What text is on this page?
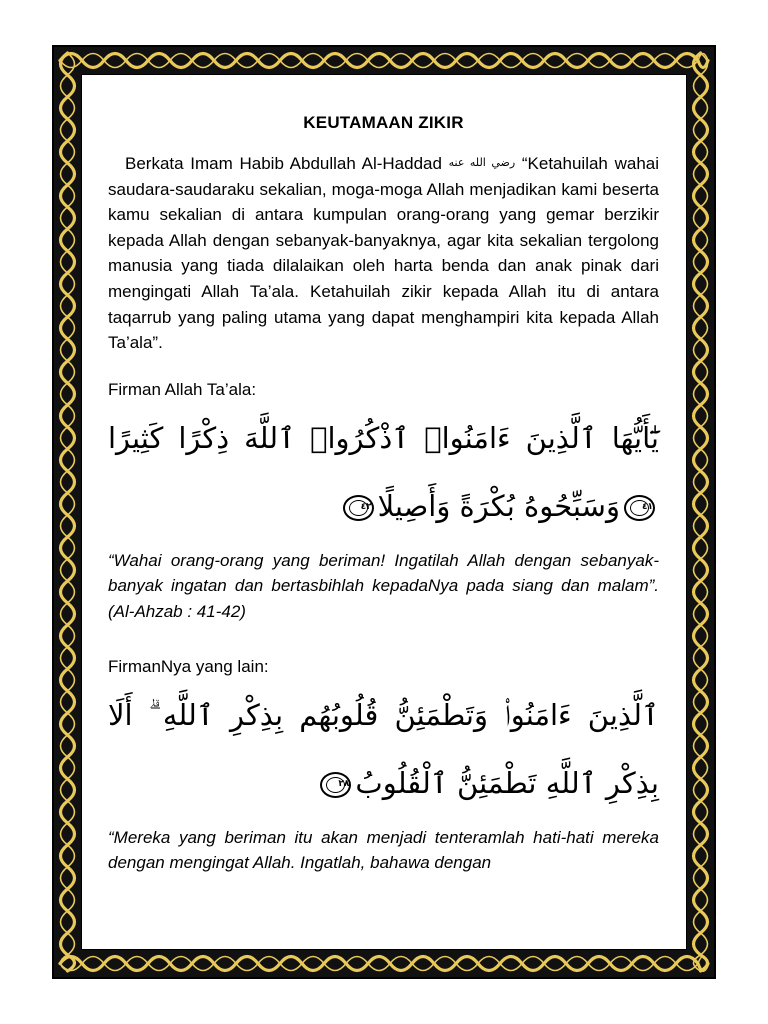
KEUTAMAAN ZIKIR

Berkata Imam Habib Abdullah Al-Haddad رضي الله عنه “Ketahuilah wahai saudara-saudaraku sekalian, moga-moga Allah menjadikan kami beserta kamu sekalian di antara kumpulan orang-orang yang gemar berzikir kepada Allah dengan sebanyak-banyaknya, agar kita sekalian tergolong manusia yang tiada dilalaikan oleh harta benda dan anak pinak dari mengingati Allah Ta’ala. Ketahuilah zikir kepada Allah itu di antara taqarrub yang paling utama yang dapat menghampiri kita kepada Allah Ta’ala”.

Firman Allah Ta’ala:

يَٰٓأَيُّهَا ٱلَّذِينَ ءَامَنُوا۟ ٱذْكُرُوا۟ ٱللَّهَ ذِكْرًا كَثِيرًا
٤١
وَسَبِّحُوهُ بُكْرَةً وَأَصِيلًا
٤٢

“Wahai orang-orang yang beriman! Ingatilah Allah dengan sebanyak-banyak ingatan dan bertasbihlah kepadaNya pada siang dan malam”. (Al-Ahzab : 41-42)

FirmanNya yang lain:

ٱلَّذِينَ ءَامَنُوا۟ وَتَطْمَئِنُّ قُلُوبُهُم بِذِكْرِ ٱللَّهِ ۗ أَلَا بِذِكْرِ ٱللَّهِ تَطْمَئِنُّ ٱلْقُلُوبُ
٢٨

“Mereka yang beriman itu akan menjadi tenteramlah hati-hati mereka dengan mengingat Allah. Ingatlah, bahawa dengan
